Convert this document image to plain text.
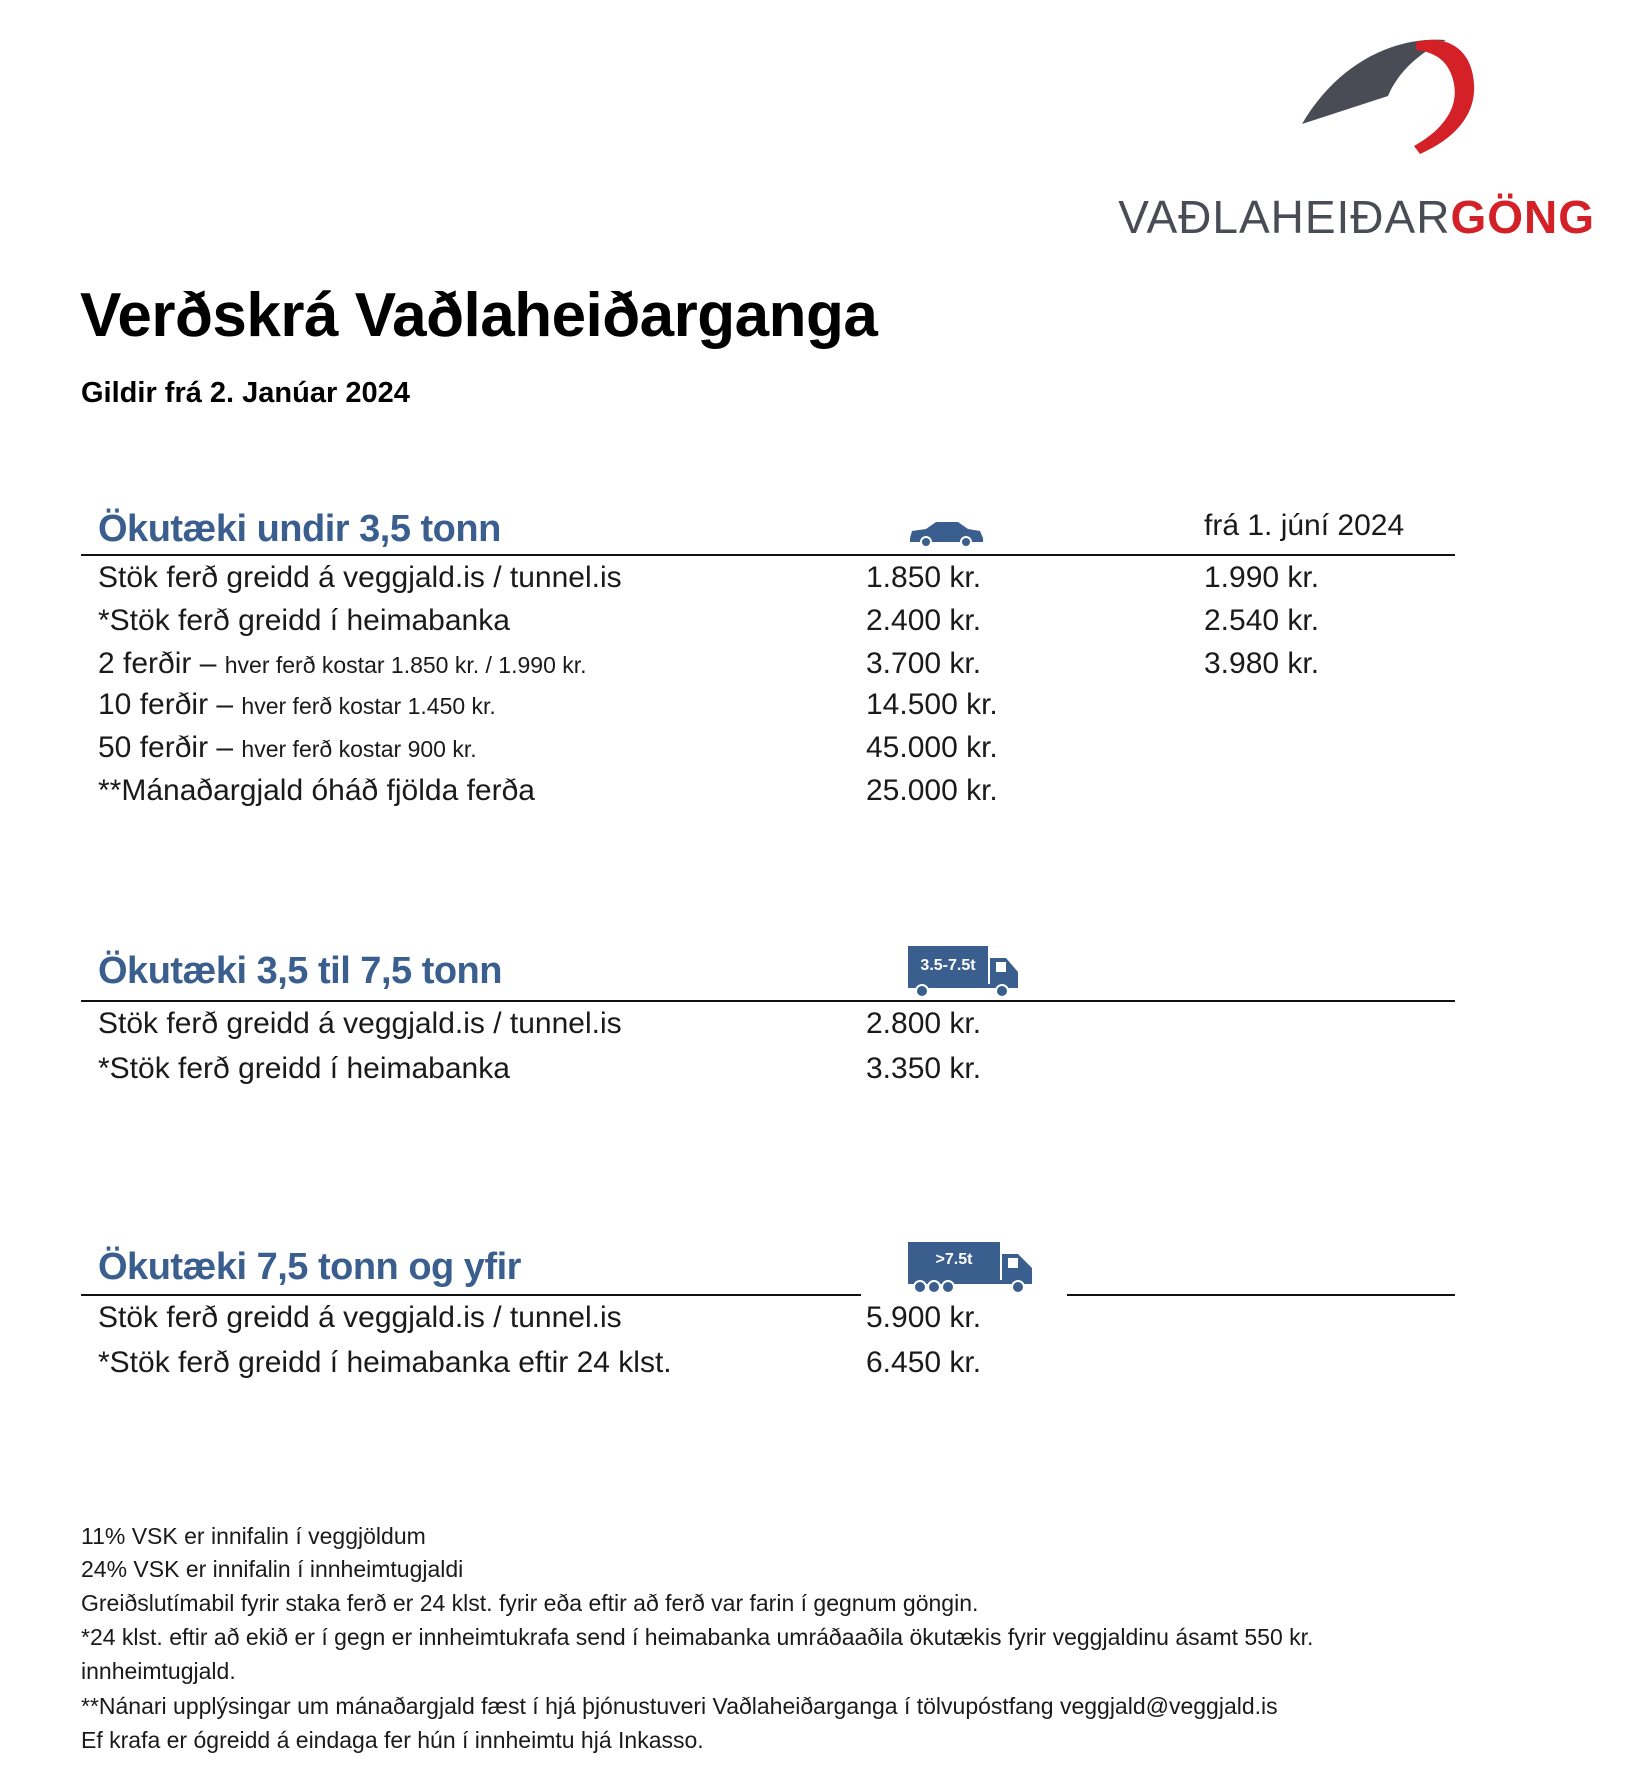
VAÐLAHEIÐARGÖNG
Verðskrá Vaðlaheiðarganga
Gildir frá 2. Janúar 2024
Ökutæki undir 3,5 tonn	frá 1. júní 2024
Stök ferð greidd á veggjald.is / tunnel.is	1.850 kr.	1.990 kr.
*Stök ferð greidd í heimabanka	2.400 kr.	2.540 kr.
2 ferðir – hver ferð kostar 1.850 kr. / 1.990 kr.	3.700 kr.	3.980 kr.
10 ferðir – hver ferð kostar 1.450 kr.	14.500 kr.
50 ferðir – hver ferð kostar 900 kr.	45.000 kr.
**Mánaðargjald óháð fjölda ferða	25.000 kr.
Ökutæki 3,5 til 7,5 tonn	3.5-7.5t
Stök ferð greidd á veggjald.is / tunnel.is	2.800 kr.
*Stök ferð greidd í heimabanka	3.350 kr.
Ökutæki 7,5 tonn og yfir	>7.5t
Stök ferð greidd á veggjald.is / tunnel.is	5.900 kr.
*Stök ferð greidd í heimabanka eftir 24 klst.	6.450 kr.
11% VSK er innifalin í veggjöldum
24% VSK er innifalin í innheimtugjaldi
Greiðslutímabil fyrir staka ferð er 24 klst. fyrir eða eftir að ferð var farin í gegnum göngin.
*24 klst. eftir að ekið er í gegn er innheimtukrafa send í heimabanka umráðaaðila ökutækis fyrir veggjaldinu ásamt 550 kr.
innheimtugjald.
**Nánari upplýsingar um mánaðargjald fæst í hjá þjónustuveri Vaðlaheiðarganga í tölvupóstfang veggjald@veggjald.is
Ef krafa er ógreidd á eindaga fer hún í innheimtu hjá Inkasso.
